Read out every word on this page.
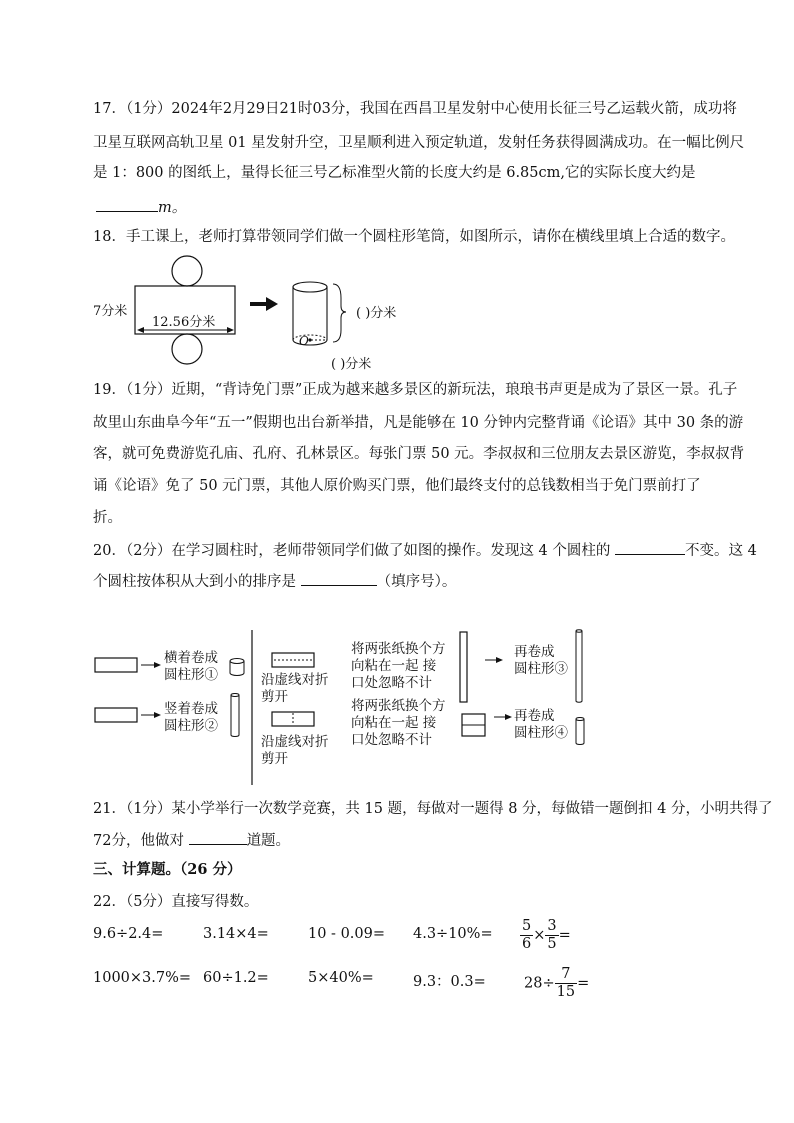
17．（1分）2024年2月29日21时03分，我国在西昌卫星发射中心使用长征三号乙运载火箭，成功将
卫星互联网高轨卫星 01 星发射升空，卫星顺利进入预定轨道，发射任务获得圆满成功。在一幅比例尺
是 1：800 的图纸上，量得长征三号乙标准型火箭的长度大约是 6.85cm,它的实际长度大约是
m。
18．手工课上，老师打算带领同学们做一个圆柱形笔筒，如图所示，请你在横线里填上合适的数字。
7分米
12.56分米
O
( )分米
( )分米
19．（1分）近期，“背诗免门票”正成为越来越多景区的新玩法，琅琅书声更是成为了景区一景。孔子
故里山东曲阜今年“五一”假期也出台新举措，凡是能够在 10 分钟内完整背诵《论语》其中 30 条的游
客，就可免费游览孔庙、孔府、孔林景区。每张门票 50 元。李叔叔和三位朋友去景区游览，李叔叔背
诵《论语》免了 50 元门票，其他人原价购买门票，他们最终支付的总钱数相当于免门票前打了
折。
20．（2分）在学习圆柱时，老师带领同学们做了如图的操作。发现这 4 个圆柱的	不变。这 4
个圆柱按体积从大到小的排序是	（填序号）。
横着卷成
圆柱形①
竖着卷成
圆柱形②
沿虚线对折
剪开
将两张纸换个方
向粘在一起 接
口处忽略不计
再卷成
圆柱形③
沿虚线对折
剪开
将两张纸换个方
向粘在一起 接
口处忽略不计
再卷成
圆柱形④
21．（1分）某小学举行一次数学竞赛，共 15 题，每做对一题得 8 分，每做错一题倒扣 4 分，小明共得了
72分，他做对	道题。
三、计算题。（26 分）
22．（5分）直接写得数。
9.6÷2.4=	3.14×4=	$10 - 0.09= 4.3\div 10\%= \frac{5}{6} \times \frac{3}{5}$ =
1000×3.7%= 60÷1.2=	5×40%=	9.3：0.3=	$28\div \frac{7}{15}$ =
